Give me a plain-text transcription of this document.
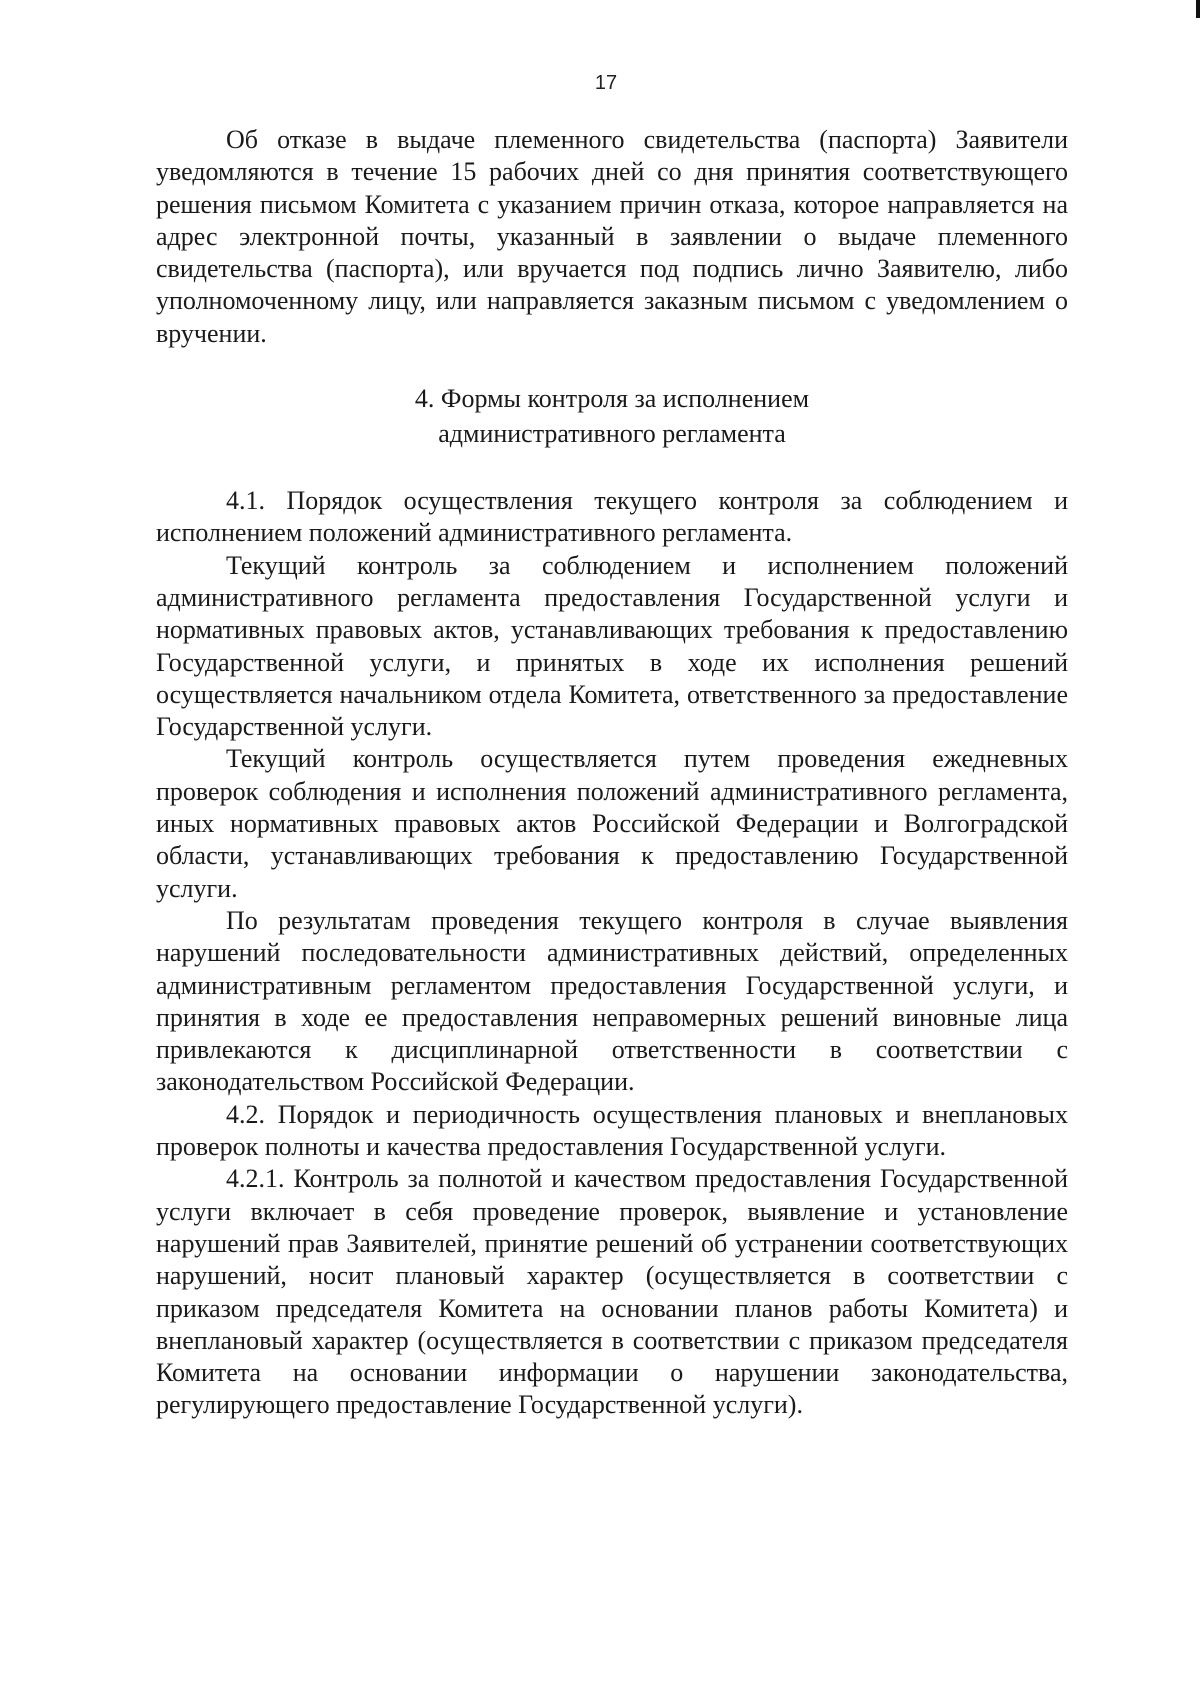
17

Об отказе в выдаче племенного свидетельства (паспорта) Заявители уведомляются в течение 15 рабочих дней со дня принятия соответствующего решения письмом Комитета с указанием причин отказа, которое направляется на адрес электронной почты, указанный в заявлении о выдаче племенного свидетельства (паспорта), или вручается под подпись лично Заявителю, либо уполномоченному лицу, или направляется заказным письмом с уведомлением о вручении.

4. Формы контроля за исполнением
административного регламента

4.1. Порядок осуществления текущего контроля за соблюдением и исполнением положений административного регламента.

Текущий контроль за соблюдением и исполнением положений административного регламента предоставления Государственной услуги и нормативных правовых актов, устанавливающих требования к предоставлению Государственной услуги, и принятых в ходе их исполнения решений осуществляется начальником отдела Комитета, ответственного за предоставление Государственной услуги.

Текущий контроль осуществляется путем проведения ежедневных проверок соблюдения и исполнения положений административного регламента, иных нормативных правовых актов Российской Федерации и Волгоградской области, устанавливающих требования к предоставлению Государственной услуги.

По результатам проведения текущего контроля в случае выявления нарушений последовательности административных действий, определенных административным регламентом предоставления Государственной услуги, и принятия в ходе ее предоставления неправомерных решений виновные лица привлекаются к дисциплинарной ответственности в соответствии с законодательством Российской Федерации.

4.2. Порядок и периодичность осуществления плановых и внеплановых проверок полноты и качества предоставления Государственной услуги.

4.2.1. Контроль за полнотой и качеством предоставления Государственной услуги включает в себя проведение проверок, выявление и установление нарушений прав Заявителей, принятие решений об устранении соответствующих нарушений, носит плановый характер (осуществляется в соответствии с приказом председателя Комитета на основании планов работы Комитета) и внеплановый характер (осуществляется в соответствии с приказом председателя Комитета на основании информации о нарушении законодательства, регулирующего предоставление Государственной услуги).
